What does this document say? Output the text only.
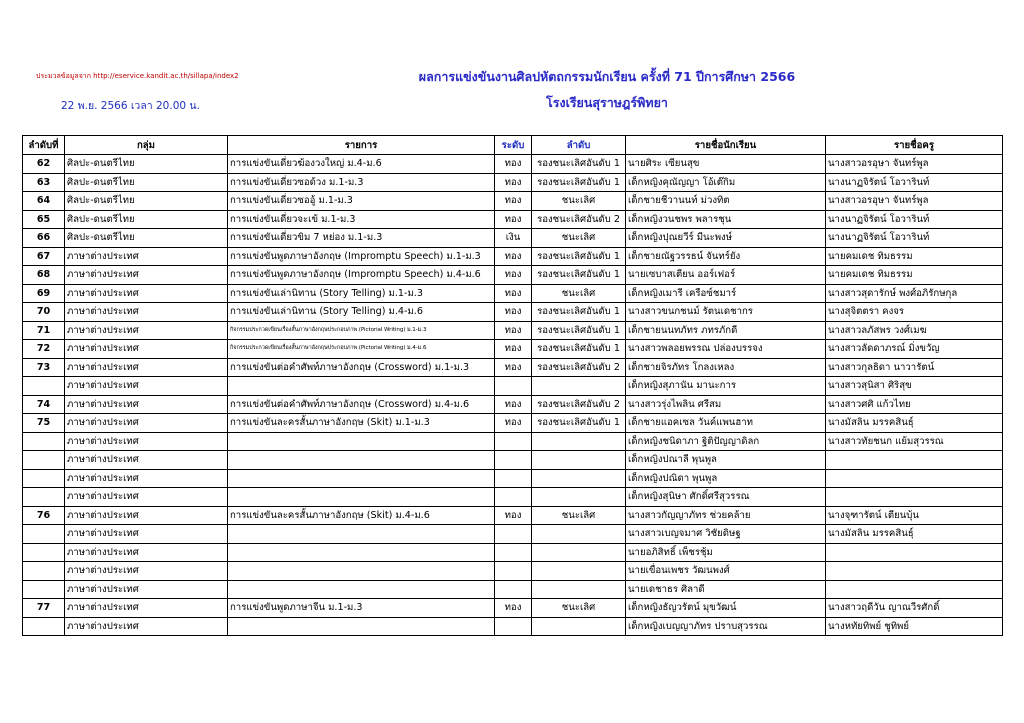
ประมวลข้อมูลจาก http://eservice.kandit.ac.th/sillapa/index2
22 พ.ย. 2566 เวลา 20.00 น.
ผลการแข่งขันงานศิลปหัตถกรรมนักเรียน ครั้งที่ 71 ปีการศึกษา 2566
โรงเรียนสุราษฎร์พิทยา
ลำดับที่	กลุ่ม	รายการ	ระดับ	ลำดับ	รายชื่อนักเรียน	รายชื่อครู
62	ศิลปะ-ดนตรีไทย	การแข่งขันเดี่ยวฆ้องวงใหญ่ ม.4-ม.6	ทอง	รองชนะเลิศอันดับ 1	นายศิระ เซียนสุข	นางสาวอรอุษา จันทร์พูล
63	ศิลปะ-ดนตรีไทย	การแข่งขันเดี่ยวซอด้วง ม.1-ม.3	ทอง	รองชนะเลิศอันดับ 1	เด็กหญิงคุณัญญา โอ้เต๊กิม	นางนาฏจิรัตน์ โอวารินท์
64	ศิลปะ-ดนตรีไทย	การแข่งขันเดี่ยวซออู้ ม.1-ม.3	ทอง	ชนะเลิศ	เด็กชายชีวานนท์ ม่วงทิต	นางสาวอรอุษา จันทร์พูล
65	ศิลปะ-ดนตรีไทย	การแข่งขันเดี่ยวจะเข้ ม.1-ม.3	ทอง	รองชนะเลิศอันดับ 2	เด็กหญิงวนชพร พลารชุน	นางนาฏจิรัตน์ โอวารินท์
66	ศิลปะ-ดนตรีไทย	การแข่งขันเดี่ยวขิม 7 หย่อง ม.1-ม.3	เงิน	ชนะเลิศ	เด็กหญิงปุณยวีร์ มีนะพงษ์	นางนาฏจิรัตน์ โอวารินท์
67	ภาษาต่างประเทศ	การแข่งขันพูดภาษาอังกฤษ (Impromptu Speech) ม.1-ม.3	ทอง	รองชนะเลิศอันดับ 1	เด็กชายณัฐวรรธน์ จันทร์ยัง	นายคมเดช ทิมธรรม
68	ภาษาต่างประเทศ	การแข่งขันพูดภาษาอังกฤษ (Impromptu Speech) ม.4-ม.6	ทอง	รองชนะเลิศอันดับ 1	นายเซบาสเตียน ออร์เฟอร์	นายคมเดช ทิมธรรม
69	ภาษาต่างประเทศ	การแข่งขันเล่านิทาน (Story Telling) ม.1-ม.3	ทอง	ชนะเลิศ	เด็กหญิงเมารี เครือซ์ชมาร์	นางสาวสุดารักษ์ พงศ์อภิรักษกุล
70	ภาษาต่างประเทศ	การแข่งขันเล่านิทาน (Story Telling) ม.4-ม.6	ทอง	รองชนะเลิศอันดับ 1	นางสาวขนกชนม์ รัตนเดชากร	นางสุจิตตรา คงจร
71	ภาษาต่างประเทศ	กิจกรรมประกวดเขียนเรื่องสั้นภาษาอังกฤษประกอบภาพ (Pictorial Writing) ม.1-ม.3	ทอง	รองชนะเลิศอันดับ 1	เด็กชายนนทภัทร ภทรภักดี	นางสาวลภัสพร วงศ์เมฆ
72	ภาษาต่างประเทศ	กิจกรรมประกวดเขียนเรื่องสั้นภาษาอังกฤษประกอบภาพ (Pictorial Writing) ม.4-ม.6	ทอง	รองชนะเลิศอันดับ 1	นางสาวพลอยพรรณ ปล่องบรรจง	นางสาวลัดดาภรณ์ มิ่งขวัญ
73	ภาษาต่างประเทศ	การแข่งขันต่อคำศัพท์ภาษาอังกฤษ (Crossword) ม.1-ม.3	ทอง	รองชนะเลิศอันดับ 2	เด็กชายจิรภัทร โกลงเหลง	นางสาวกุลธิดา นาวารัตน์
	ภาษาต่างประเทศ				เด็กหญิงสุภานัน มานะการ	นางสาวสุนิสา ศิริสุข
74	ภาษาต่างประเทศ	การแข่งขันต่อคำศัพท์ภาษาอังกฤษ (Crossword) ม.4-ม.6	ทอง	รองชนะเลิศอันดับ 2	นางสาวรุ่งไพลิน ศรีสม	นางสาวศศิ แก้วไทย
75	ภาษาต่างประเทศ	การแข่งขันละครสั้นภาษาอังกฤษ (Skit) ม.1-ม.3	ทอง	รองชนะเลิศอันดับ 1	เด็กชายแอคเซล วันค์แพนฮาท	นางมัสลิน มรรคสินธุ์
	ภาษาต่างประเทศ				เด็กหญิงชนิดาภา ฐิติปัญญาดิลก	นางสาวทัยชนก แย้มสุวรรณ
	ภาษาต่างประเทศ				เด็กหญิงปณาลี พุนพูล	
	ภาษาต่างประเทศ				เด็กหญิงปณิดา พุนพูล	
	ภาษาต่างประเทศ				เด็กหญิงสุนิษา ศักดิ์ศรีสุวรรณ	
76	ภาษาต่างประเทศ	การแข่งขันละครสั้นภาษาอังกฤษ (Skit) ม.4-ม.6	ทอง	ชนะเลิศ	นางสาวกัญญาภัทร ช่วยคล้าย	นางจุฑารัตน์ เตียนบุ้น
	ภาษาต่างประเทศ				นางสาวเบญจมาศ วิชัยดิษฐ	นางมัสลิน มรรคสินธุ์
	ภาษาต่างประเทศ				นายอภิสิทธิ์ เพ็ชรชุ้ม	
	ภาษาต่างประเทศ				นายเขื่อนเพชร วัฒนพงศ์	
	ภาษาต่างประเทศ				นายเดชาธร ศิลาดี	
77	ภาษาต่างประเทศ	การแข่งขันพูดภาษาจีน ม.1-ม.3	ทอง	ชนะเลิศ	เด็กหญิงธัญวรัตน์ มุขวัฒน์	นางสาวฤดีวัน ญาณวีรศักดิ์
	ภาษาต่างประเทศ				เด็กหญิงเบญญาภัทร ปราบสุวรรณ	นางหทัยทิพย์ ชูทิพย์
